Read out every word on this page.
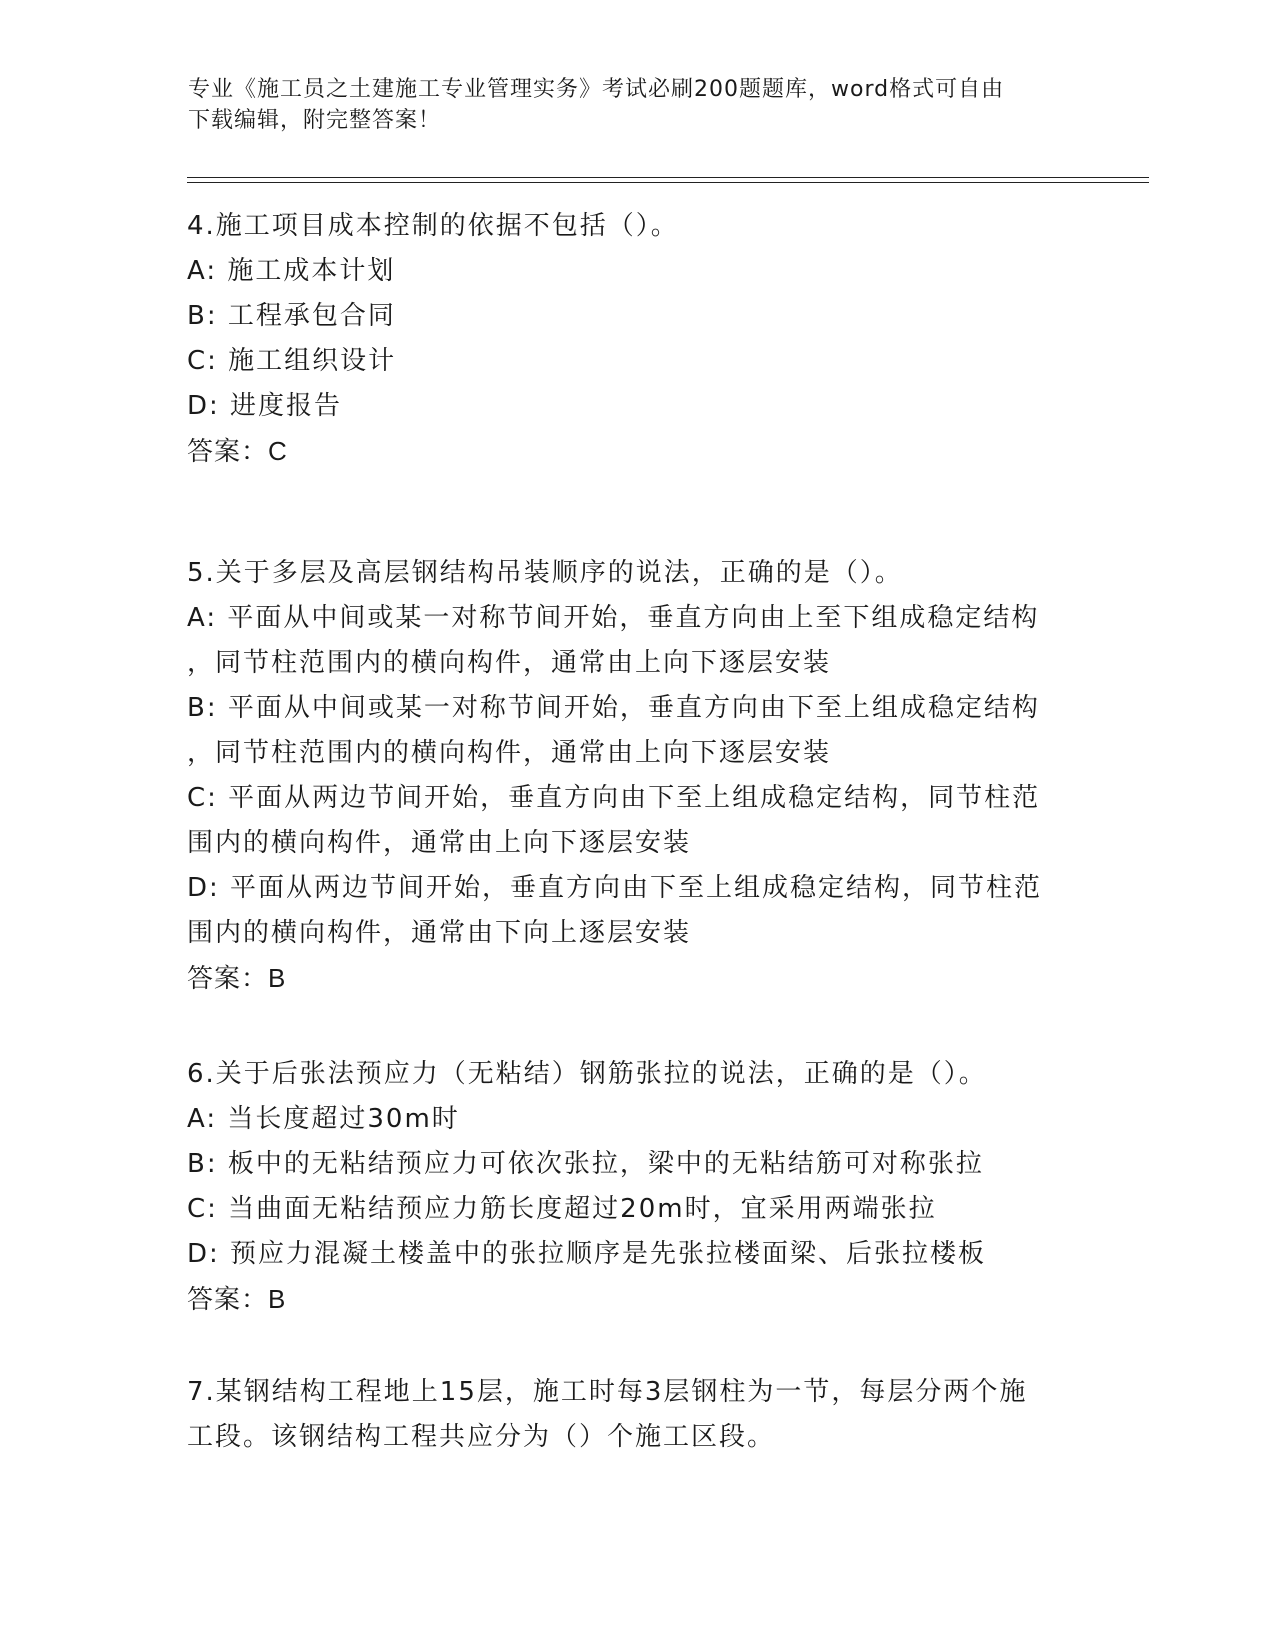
专业《施工员之土建施工专业管理实务》考试必刷200题题库，word格式可自由
下载编辑，附完整答案！
4.施工项目成本控制的依据不包括（）。
A: 施工成本计划
B: 工程承包合同
C: 施工组织设计
D: 进度报告
答案：C
5.关于多层及高层钢结构吊装顺序的说法，正确的是（）。
A: 平面从中间或某一对称节间开始，垂直方向由上至下组成稳定结构
，同节柱范围内的横向构件，通常由上向下逐层安装
B: 平面从中间或某一对称节间开始，垂直方向由下至上组成稳定结构
，同节柱范围内的横向构件，通常由上向下逐层安装
C: 平面从两边节间开始，垂直方向由下至上组成稳定结构，同节柱范
围内的横向构件，通常由上向下逐层安装
D: 平面从两边节间开始，垂直方向由下至上组成稳定结构，同节柱范
围内的横向构件，通常由下向上逐层安装
答案：B
6.关于后张法预应力（无粘结）钢筋张拉的说法，正确的是（）。
A: 当长度超过30m时
B: 板中的无粘结预应力可依次张拉，梁中的无粘结筋可对称张拉
C: 当曲面无粘结预应力筋长度超过20m时，宜采用两端张拉
D: 预应力混凝土楼盖中的张拉顺序是先张拉楼面梁、后张拉楼板
答案：B
7.某钢结构工程地上15层，施工时每3层钢柱为一节，每层分两个施
工段。该钢结构工程共应分为（）个施工区段。
